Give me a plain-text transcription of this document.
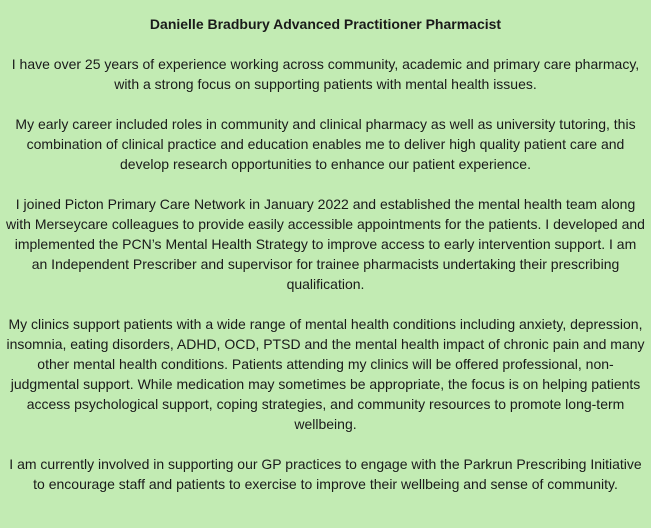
Danielle Bradbury Advanced Practitioner Pharmacist

I have over 25 years of experience working across community, academic and primary care pharmacy, with a strong focus on supporting patients with mental health issues.

My early career included roles in community and clinical pharmacy as well as university tutoring, this combination of clinical practice and education enables me to deliver high quality patient care and develop research opportunities to enhance our patient experience.

I joined Picton Primary Care Network in January 2022 and established the mental health team along with Merseycare colleagues to provide easily accessible appointments for the patients. I developed and implemented the PCN’s Mental Health Strategy to improve access to early intervention support. I am an Independent Prescriber and supervisor for trainee pharmacists undertaking their prescribing qualification.

My clinics support patients with a wide range of mental health conditions including anxiety, depression, insomnia, eating disorders, ADHD, OCD, PTSD and the mental health impact of chronic pain and many other mental health conditions. Patients attending my clinics will be offered professional, non-judgmental support. While medication may sometimes be appropriate, the focus is on helping patients access psychological support, coping strategies, and community resources to promote long-term wellbeing.

I am currently involved in supporting our GP practices to engage with the Parkrun Prescribing Initiative to encourage staff and patients to exercise to improve their wellbeing and sense of community.
